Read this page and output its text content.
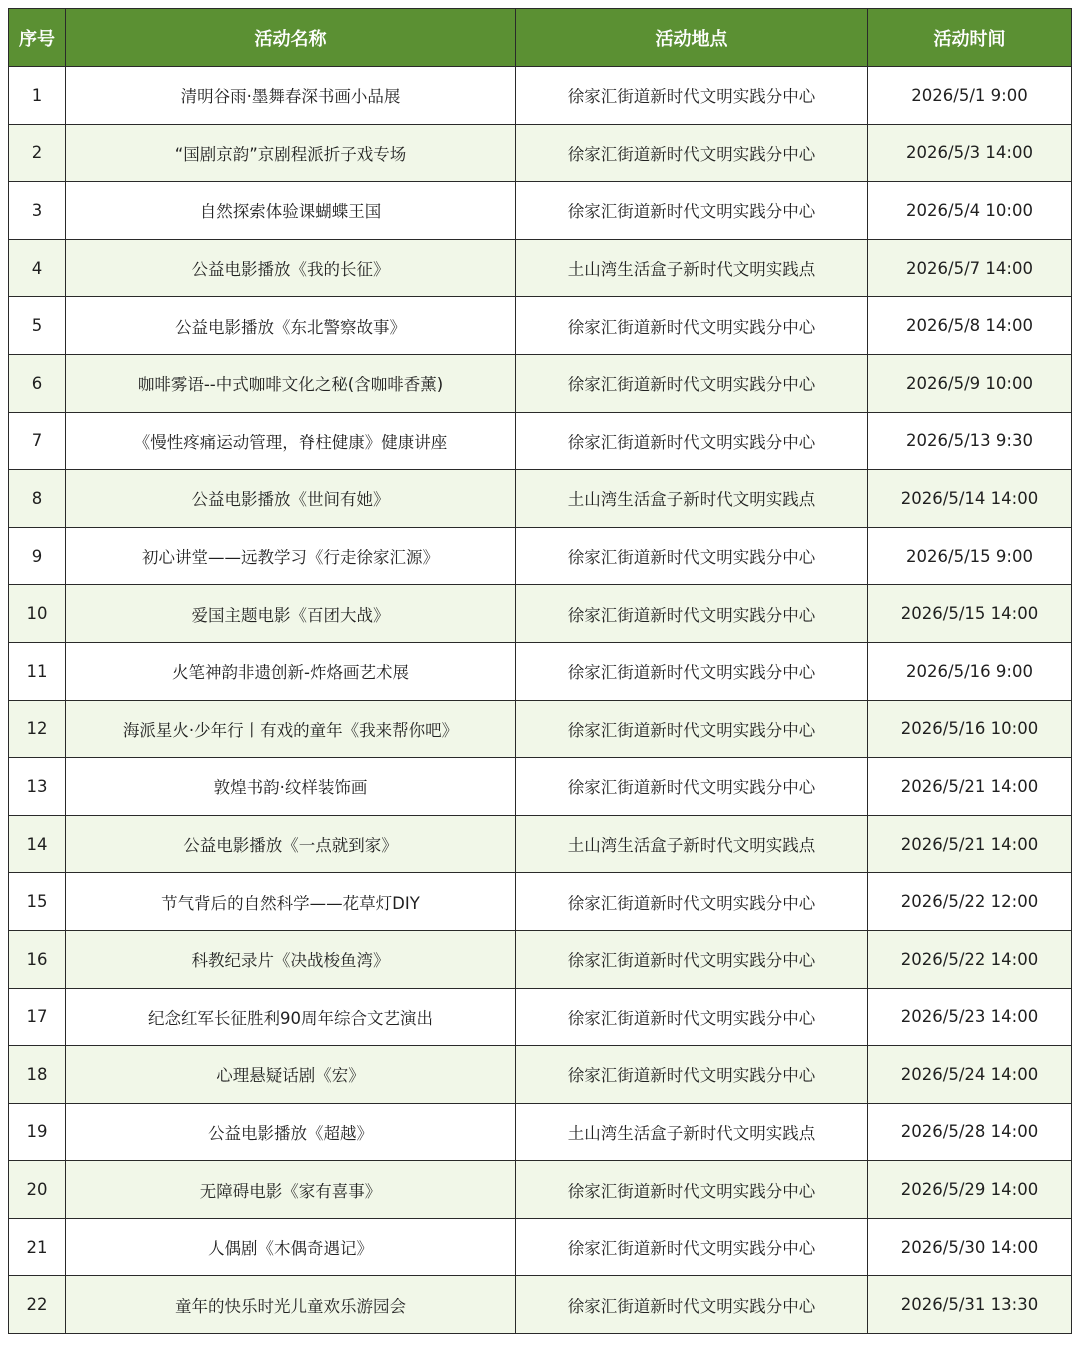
序号	活动名称	活动地点	活动时间
1	清明谷雨·墨舞春深书画小品展	徐家汇街道新时代文明实践分中心	2026/5/1 9:00
2	“国剧京韵”京剧程派折子戏专场	徐家汇街道新时代文明实践分中心	2026/5/3 14:00
3	自然探索体验课蝴蝶王国	徐家汇街道新时代文明实践分中心	2026/5/4 10:00
4	公益电影播放《我的长征》	土山湾生活盒子新时代文明实践点	2026/5/7 14:00
5	公益电影播放《东北警察故事》	徐家汇街道新时代文明实践分中心	2026/5/8 14:00
6	咖啡雾语--中式咖啡文化之秘(含咖啡香薰)	徐家汇街道新时代文明实践分中心	2026/5/9 10:00
7	《慢性疼痛运动管理，脊柱健康》健康讲座	徐家汇街道新时代文明实践分中心	2026/5/13 9:30
8	公益电影播放《世间有她》	土山湾生活盒子新时代文明实践点	2026/5/14 14:00
9	初心讲堂——远教学习《行走徐家汇源》	徐家汇街道新时代文明实践分中心	2026/5/15 9:00
10	爱国主题电影《百团大战》	徐家汇街道新时代文明实践分中心	2026/5/15 14:00
11	火笔神韵非遗创新-炸烙画艺术展	徐家汇街道新时代文明实践分中心	2026/5/16 9:00
12	海派星火·少年行丨有戏的童年《我来帮你吧》	徐家汇街道新时代文明实践分中心	2026/5/16 10:00
13	敦煌书韵·纹样装饰画	徐家汇街道新时代文明实践分中心	2026/5/21 14:00
14	公益电影播放《一点就到家》	土山湾生活盒子新时代文明实践点	2026/5/21 14:00
15	节气背后的自然科学——花草灯DIY	徐家汇街道新时代文明实践分中心	2026/5/22 12:00
16	科教纪录片《决战梭鱼湾》	徐家汇街道新时代文明实践分中心	2026/5/22 14:00
17	纪念红军长征胜利90周年综合文艺演出	徐家汇街道新时代文明实践分中心	2026/5/23 14:00
18	心理悬疑话剧《宏》	徐家汇街道新时代文明实践分中心	2026/5/24 14:00
19	公益电影播放《超越》	土山湾生活盒子新时代文明实践点	2026/5/28 14:00
20	无障碍电影《家有喜事》	徐家汇街道新时代文明实践分中心	2026/5/29 14:00
21	人偶剧《木偶奇遇记》	徐家汇街道新时代文明实践分中心	2026/5/30 14:00
22	童年的快乐时光儿童欢乐游园会	徐家汇街道新时代文明实践分中心	2026/5/31 13:30
